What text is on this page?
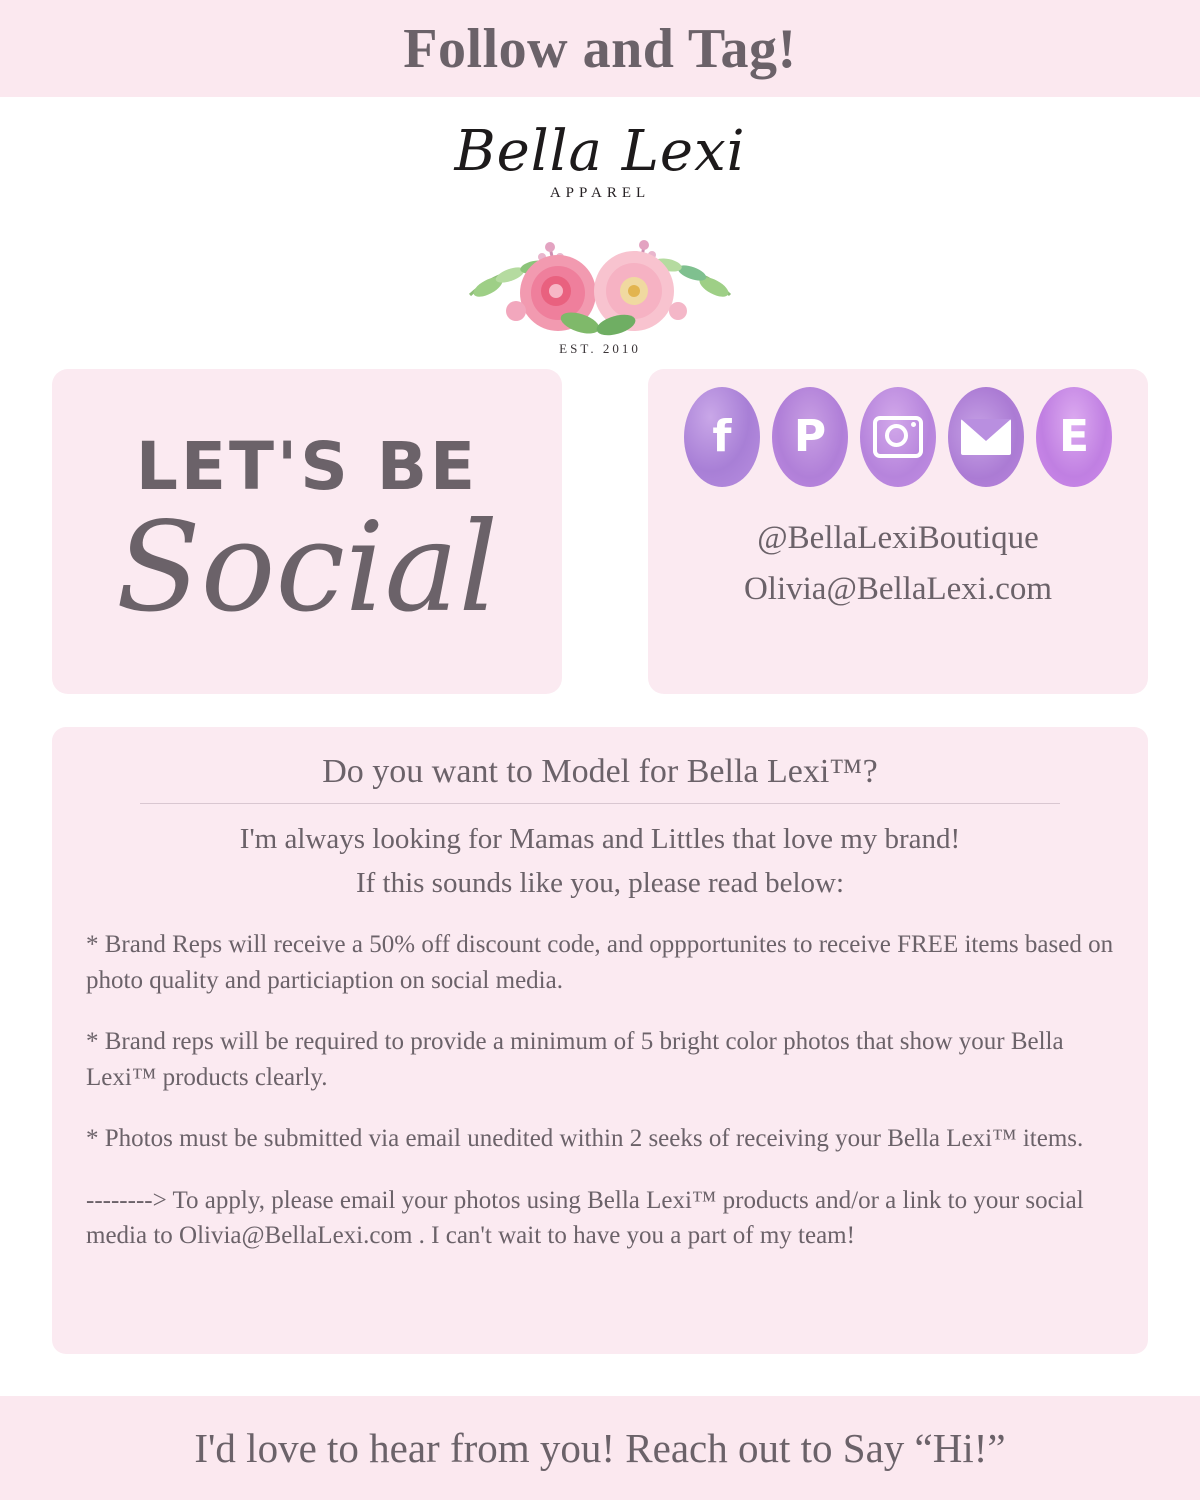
Follow and Tag!
Bella Lexi
APPAREL
EST. 2010
LET'S BE
Social
f P	E
@BellaLexiBoutique
Olivia@BellaLexi.com
Do you want to Model for Bella Lexi™?
I'm always looking for Mamas and Littles that love my brand!
If this sounds like you, please read below:
* Brand Reps will receive a 50% off discount code, and oppportunites to receive FREE items based on photo quality and particiaption on social media.
* Brand reps will be required to provide a minimum of 5 bright color photos that show your Bella Lexi™ products clearly.
* Photos must be submitted via email unedited within 2 seeks of receiving your Bella Lexi™ items.
--------> To apply, please email your photos using Bella Lexi™ products and/or a link to your social media to Olivia@BellaLexi.com . I can't wait to have you a part of my team!
I'd love to hear from you! Reach out to Say “Hi!”
